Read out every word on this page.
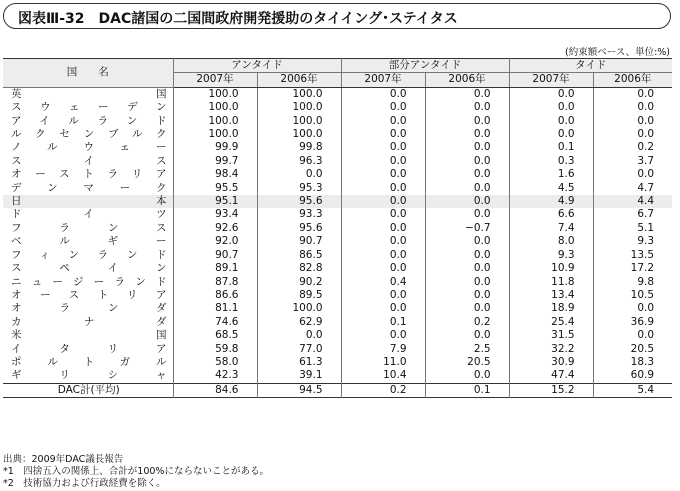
図表Ⅲ-32　DAC諸国の二国間政府開発援助のタイイング･ステイタス
(約束額ベース、単位:%)
国　　名	アンタイド		部分アンタイド		タイド	
	2007年	2006年	2007年	2006年	2007年	2006年
英国	100.0	100.0	0.0	0.0	0.0	0.0
スウェーデン	100.0	100.0	0.0	0.0	0.0	0.0
アイルランド	100.0	100.0	0.0	0.0	0.0	0.0
ルクセンブルク	100.0	100.0	0.0	0.0	0.0	0.0
ノルウェー	99.9	99.8	0.0	0.0	0.1	0.2
スイス	99.7	96.3	0.0	0.0	0.3	3.7
オーストラリア	98.4	0.0	0.0	0.0	1.6	0.0
デンマーク	95.5	95.3	0.0	0.0	4.5	4.7
日本	95.1	95.6	0.0	0.0	4.9	4.4
ドイツ	93.4	93.3	0.0	0.0	6.6	6.7
フランス	92.6	95.6	0.0	−0.7	7.4	5.1
ベルギー	92.0	90.7	0.0	0.0	8.0	9.3
フィンランド	90.7	86.5	0.0	0.0	9.3	13.5
スペイン	89.1	82.8	0.0	0.0	10.9	17.2
ニュージーランド	87.8	90.2	0.4	0.0	11.8	9.8
オーストリア	86.6	89.5	0.0	0.0	13.4	10.5
オランダ	81.1	100.0	0.0	0.0	18.9	0.0
カナダ	74.6	62.9	0.1	0.2	25.4	36.9
米国	68.5	0.0	0.0	0.0	31.5	0.0
イタリア	59.8	77.0	7.9	2.5	32.2	20.5
ポルトガル	58.0	61.3	11.0	20.5	30.9	18.3
ギリシャ	42.3	39.1	10.4	0.0	47.4	60.9
DAC計(平均)	84.6	94.5	0.2	0.1	15.2	5.4
出典：2009年DAC議長報告
*1　四捨五入の関係上、合計が100%にならないことがある。
*2　技術協力および行政経費を除く。
